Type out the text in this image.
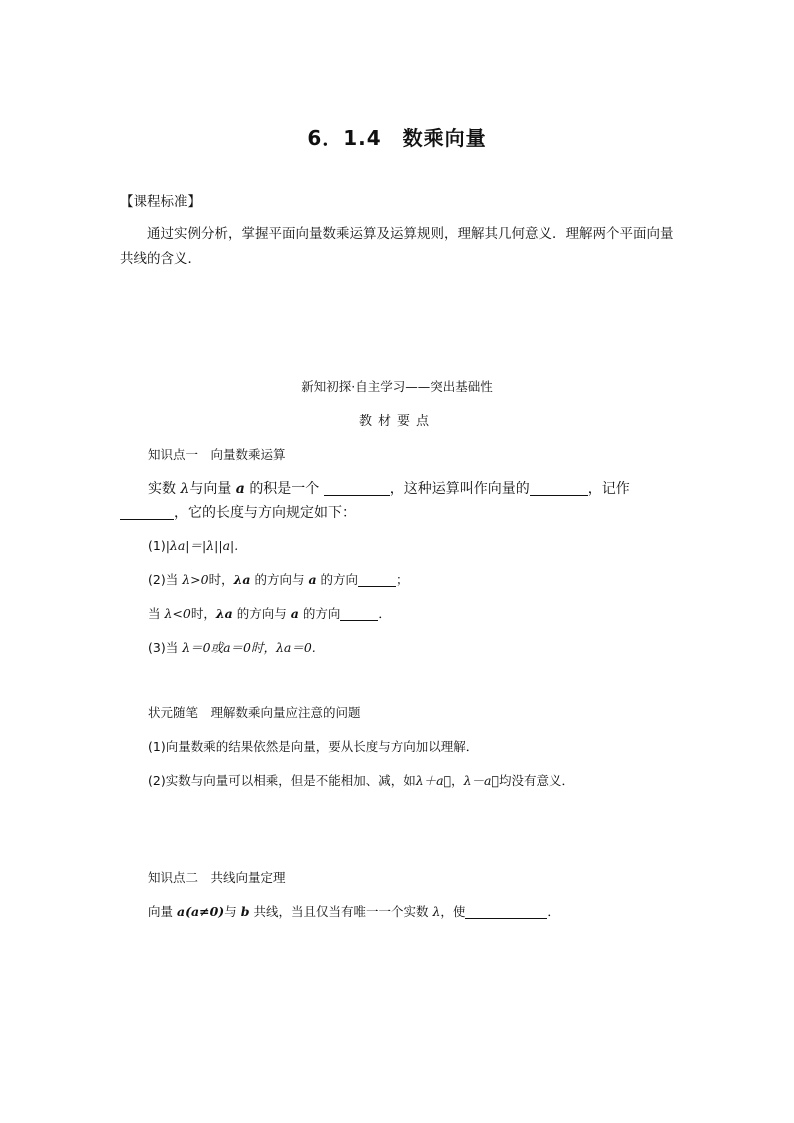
6．1.4　数乘向量
【课程标准】
通过实例分析，掌握平面向量数乘运算及运算规则，理解其几何意义．理解两个平面向量共线的含义．
新知初探·自主学习——突出基础性
教材要点
知识点一　向量数乘运算
实数 λ与向量 a 的积是一个	，这种运算叫作向量的	，记作
，它的长度与方向规定如下：
(1)|λa|＝|λ||a|.
(2)当 λ>0时，λa 的方向与 a 的方向	；
当 λ<0时，λa 的方向与 a 的方向	．
(3)当 λ＝0或a＝0时，λa＝0.
状元随笔　理解数乘向量应注意的问题
(1)向量数乘的结果依然是向量，要从长度与方向加以理解．
(2)实数与向量可以相乘，但是不能相加、减，如λ＋a⃗，λ－a⃗均没有意义．
知识点二　共线向量定理
向量 a(a≠0)与 b 共线，当且仅当有唯一一个实数 λ，使	．
